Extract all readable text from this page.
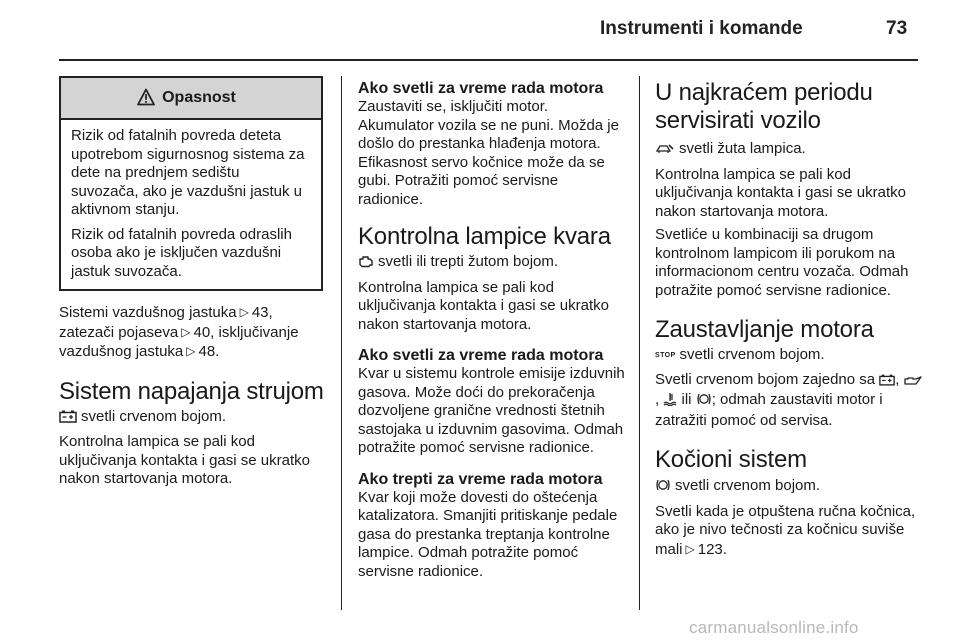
Instrumenti i komande	73
Opasnost

Rizik od fatalnih povreda deteta upotrebom sigurnosnog sistema za dete na prednjem sedištu suvozača, ako je vazdušni jastuk u aktivnom stanju.

Rizik od fatalnih povreda odraslih osoba ako je isključen vazdušni jastuk suvozača.

Sistemi vazdušnog jastuka ▷ 43, zatezači pojaseva ▷ 40, isključivanje vazdušnog jastuka ▷ 48.

Sistem napajanja strujom

svetli crvenom bojom.

Kontrolna lampica se pali kod uključivanja kontakta i gasi se ukratko nakon startovanja motora.

Ako svetli za vreme rada motora

Zaustaviti se, isključiti motor. Akumulator vozila se ne puni. Možda je došlo do prestanka hlađenja motora. Efikasnost servo kočnice može da se gubi. Potražiti pomoć servisne radionice.

Kontrolna lampice kvara

svetli ili trepti žutom bojom.

Kontrolna lampica se pali kod uključivanja kontakta i gasi se ukratko nakon startovanja motora.

Ako svetli za vreme rada motora

Kvar u sistemu kontrole emisije izduvnih gasova. Može doći do prekoračenja dozvoljene granične vrednosti štetnih sastojaka u izduvnim gasovima. Odmah potražite pomoć servisne radionice.

Ako trepti za vreme rada motora

Kvar koji može dovesti do oštećenja katalizatora. Smanjiti pritiskanje pedale gasa do prestanka treptanja kontrolne lampice. Odmah potražite pomoć servisne radionice.

U najkraćem periodu servisirati vozilo

svetli žuta lampica.

Kontrolna lampica se pali kod uključivanja kontakta i gasi se ukratko nakon startovanja motora.

Svetliće u kombinaciji sa drugom kontrolnom lampicom ili porukom na informacionom centru vozača. Odmah potražite pomoć servisne radionice.

Zaustavljanje motora

STOP svetli crvenom bojom.

Svetli crvenom bojom zajedno sa , , ili ; odmah zaustaviti motor i zatražiti pomoć od servisa.

Kočioni sistem

svetli crvenom bojom.

Svetli kada je otpuštena ručna kočnica, ako je nivo tečnosti za kočnicu suviše mali ▷ 123.

carmanualsonline.info
